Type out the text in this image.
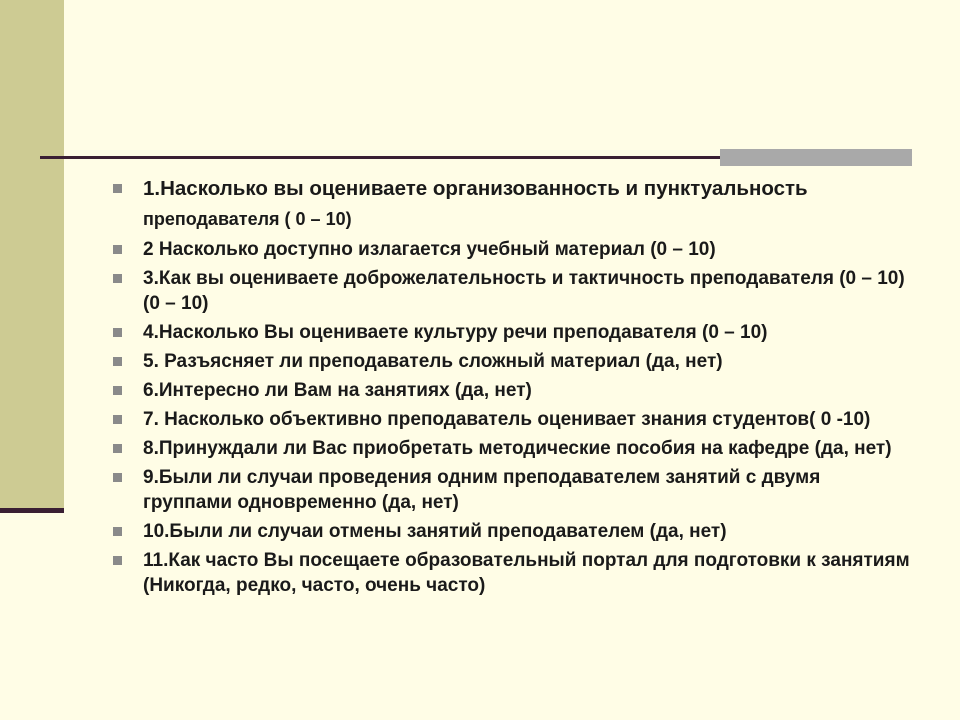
1.Насколько вы оцениваете организованность и пунктуальность преподавателя ( 0 – 10)
2 Насколько доступно излагается учебный материал (0 – 10)
3.Как вы оцениваете доброжелательность и тактичность преподавателя (0 – 10)(0 – 10)
4.Насколько Вы оцениваете культуру речи преподавателя (0 – 10)
5. Разъясняет ли преподаватель сложный материал (да, нет)
6.Интересно ли Вам на занятиях (да, нет)
7. Насколько объективно преподаватель оценивает знания студентов( 0 -10)
8.Принуждали ли Вас приобретать методические пособия на кафедре (да, нет)
9.Были ли случаи проведения одним преподавателем занятий с двумя группами одновременно (да, нет)
10.Были ли случаи отмены занятий преподавателем (да, нет)
11.Как часто Вы посещаете образовательный портал для подготовки к занятиям (Никогда, редко, часто, очень часто)
